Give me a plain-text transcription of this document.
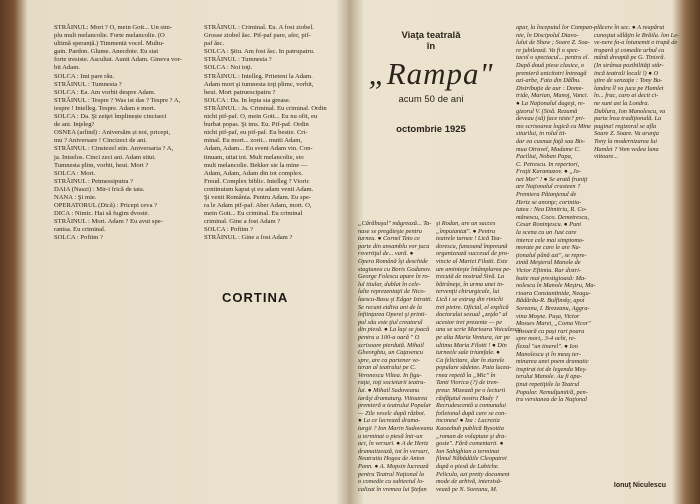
STRĂINUL: Mort ? O, mein Gott... Un sim-
plu mult melancolie. Forte melancolie. (O
ultimă speranță.) Timmentā vocel. Multu-
gain. Pardon. Glume. Anecdote. Eu stat
forte tresiste. Ascultat. Aunit Adam. Gineva vor-
bit Adam.
SOLCA : Imi pare rău.
STRĂINUL : Tumnesta ?
SOLCA : Ea. Am vorbit despre Adam.
STRĂINUL : Tespre ? Was ist das ? Tespre ? A,
tespre ! Intelleg. Tespre. Adam e mort.
SOLCA : Da. Şi zeiţei împlinește cinciseci
de ani. Inţeleg?
OSNEA (arlind) : Aniversăm și noi, pricepi,
mu ? Aniversare ! Cincizeci de ani.
STRĂINUL : Cinsiezel stin. Aniversaria ? A,
ja. Intselos. Cinci zeci ani. Adam stiut.
Tumnesta plim, vorbit, heut. Mort ?
SOLCA : Mort.
STRĂINUL : Petmessiputra ?
DAIA (Naszi) : Mir-i frică de tata.
NANA : Şi mie.
OPERATORUL (Dică) : Pricepi ceva ?
DICA : Nimic. Hai să fugim dvostė.
STRĂINUL : Mort. Adam ? Eu avut spe-
rantsa. Eu criminal.
SOLCA : Poftim ?
STRĂINUL : Criminal. Eu. A fost ziobel.
Grosse ziobel ăsc. Pif-paf pare, afer, pif-
paf ăsc.
SOLCA : Ştiu. Am fost ăsc. In patrupatru.
STRĂINUL : Tumnesta ?
SOLCA : Noi toţi.
STRĂINUL : Intelleg. Priteteni la Adam.
Adam mort şi tumnesta toţi plimc, vorbit,
heut. Mort patruescipatru ?
SOLCA : Da. In lepta sia grease.
STRĂINUL : Ja. Criminal. Eu criminal. Ordin
nicht pif-paf. O, mein Gott... Eu nu ofit, eu
burbat popas. Şi tms. Eu. Pif-paf. Ordin
nicht pif-paf, eu pif-paf. Eu bestie. Cri-
minal. Eu mort... zorit... mutti Adam,
Adam, Adam... Eu svent Adam vin. Con-
tinuam, uitat tot. Mult melancolie, sto
mult melancolie. Bekker sie la mine —
Adam, Adam, Adam din tot complex.
Freud. Complex biblic. Intelleg ? Vioric
continuism kaput şi eu adam venit Adam.
Şi venit România. Pentru Adam. Eu spe-
ra le Adam pif-paf. Aber Adam, mort. O,
mein Gott... Eu criminal. Eu criminal
criminal. Gine a fost Adam ?
SOLCA : Poftim ?
STRĂINUL : Gine a fost Adam ?
CORTINA
Viaţa teatrală
în
„Rampa"
acum 50 de ani
octombrie 1925
„Cărăbuşul" măgrează... Ta-
nase se pregăteşte pentru
turneu. ● Cornel Teto ce
parte din ansamblu vor juca
rsvertiţul de... vară. ●
Opera Română îşi deschide
stagiunea cu Boris Godunov.
George Folescu apare în ro-
lul titular, dublat în cele-
lalte reprezentaţii de Nico-
laescu-Basu şi Edgar Istratti.
Se recunt etdiva ani de la
înfiinţarea Operei şi printi-
pul său este ţiul creatorul
din piesă. ● La laşi se joacă
pentru a 100-a oară " O
scrisoare pierdută. Mihail
Gheorghiu, un Caţavencu
spre, are ca partener ve-
teran al teatrului pe C.
Veronescu Viltea. In figu-
raţie, toţi societarii teatru-
lui. ● Mihail Sadoveanu
iarăşi dramaturg. Viitoarea
premieră a teatrului Popular
— Zile veselc după război.
● La ce lucrează drama-
turgii ? Ion Marin Sadoveanu
a terminat o piesă într-un
act, în versuri. ● A de Hertz
dramatizează, tot în versuri,
Neatratia Hogea de Anton
Pann. ● A. Mopsin lucrează
pentru Teatrul Naţional la
o comedie cu subiectul lo-
calizat în vremea lui Ştefan
şi Rodan, are un succes
„împuiantat". ● Pentru
teatrele turnee ! Lică Tea-
dorescu, funsound împreună
organizează succesul de pro-
vincie al Mariei Filotti. Este
um aminteşte întâmplarea pe-
trecută de nostrud Sivă. La
bătrâneţe, în urma unei in-
tervenţii chirurgicale, lui
Lică i se extrag din rinichi
trei pietre. Oficial, el explică
doctorului sexual „zeţdo" al
acestor trei prezente — pe
una se scrie Marioara Voiculescu,
pe alta Maria Ventura, iar pe
ultima Maria Filotti ! ● Din
turneele sale triumfale. ●
Ca felicitare, dar în ziarele
populare sădetee. Paia lucea-
rnea repetă la „Mic" în
Tanti Viorica (?) de tren-
preur. Mizează pe o lecturii
răsfăţatul nostru Hady ?
Recrudescentă a comunalui
foiletonul după care se con-
inconea! ● Iza : Lucrezia
Kaozebuh publică Bysoitia
„roman de voluptate şi dra-
goste". Fără comentarii. ●
Ion Sahighian a terminat
filmul Năbădăile Cleopatrei
după o piesă de Labiche.
Pelicula, azi pretty document
mode de arhivă, interzisă-
vează pe N. Soreanu, M.
apar, la începutul lor Compan-
nie, în Discipolul Diavo-
lului de Shaw ; Soare Z. Soa-
re jubilează. Va fi o spec-
tacol o spectacul... pentru el.
După două piese clasice, o
premieră unicitotri întreagă
azi-arbe, Fata din Dâlbu.
Distribuţie de aur : Dome-
tride, Marian, Manoj, Vanci.
● La Naţionalul dugeşt, re-
gizorul V. (Sisă. Rezumă
deveau (să) face niste? pri-
mo scrisoarea logică cu Mine
siturilui, in rolul tit-
dar ea cusnua faţă sau Bis-
mua Otravel, Madame C.
Paciliui, Noban Papa,
C. Petrescu. In repertori,
Fraţii Karamazov. ● „Jo-
net Mer" ! ● Se arată fruniţi
are Naţionalul crasteen ?
Premiera Păianjenul de
Hertz se anonţe; corintia-
tatea : Nea Dimitriu, R. Co-
mănescu, Coco. Demetrescu,
Cesar Roninţescu. ● Puni
la scena cu un Just care
interce cele mai simptomo-
morate pe care le are Na-
ţionalul până azi", se repre-
zintă Meşterul Manole de
Victor Eftimiu. Rar distri-
butie mai prestigioasă: Ma-
nolescu în Manole Meştru, Ma-
rioara Constantinide, Neagu-
Bădărău-R. Bulfinsky, apoi
Soreanu, I. Brezeanu, Aggra-
vina Moşne. Puşa, Victor
Mosses Marei, „Coma Vicor"
misoară cu pași rari poara
spre mort,. 3-4 ochi, re-
flexul "un tinerel". ● Ion
Manolescu şi în meaş ter-
minarea unei poem dramatic
inspirat tot de legenda Meş-
terului Manole. Au fi apa-
ţinut repetiţiile la Teatrul
Popular. Nemulţumit/ă, pen-
tru versiunea de la Naţional
plăcere în sec. ● A reapărut
cunoştut sălăţin le Brăila. lon Le-
ve-nere fa-a întunemit o trupă de
trupară şi comedie urbul cu
mână dreaptă pe G. Tinisră.
(In strânsa pozibilităţi stăr-
incă teatrali locali !) ● O
ştire de senzaţie : Tony Bu-
landra îl va juca pe Hamlet
în... frac, caro ai decit ci-
ne sunt ast la Londra.
Dublura, Ion Manolescu, va
purta însa tradiţională. La
pagina! regizoral se afla
Soare Z. Soare. Va aranja
Tony la modernizarea lui
Hamlet ? Vom vedea luna
viitoare...

Ionuţ Niculescu
